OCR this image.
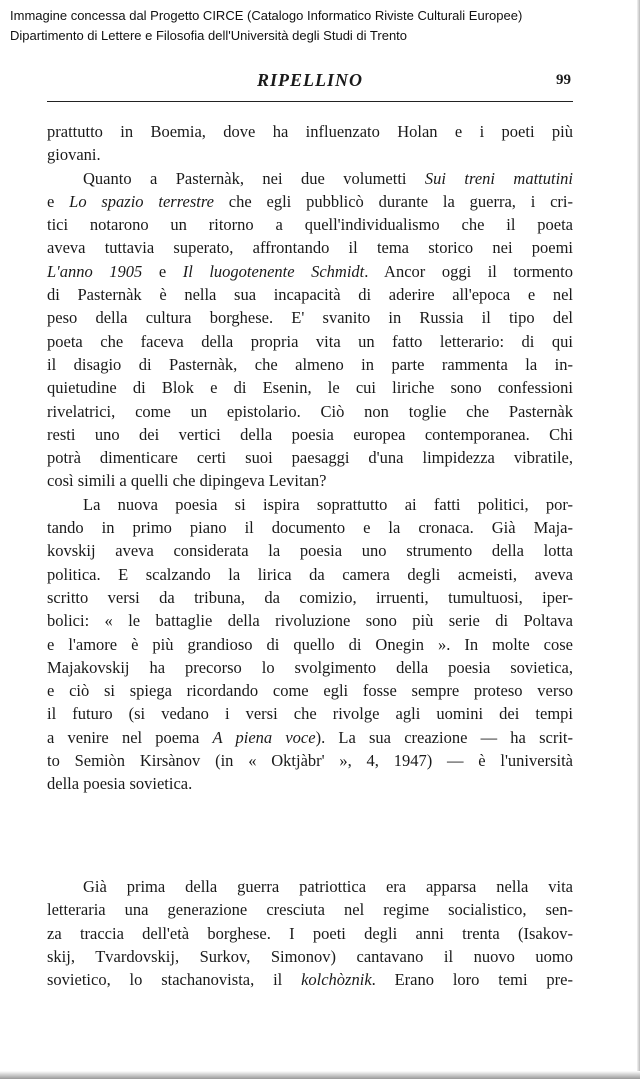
Immagine concessa dal Progetto CIRCE (Catalogo Informatico Riviste Culturali Europee)
Dipartimento di Lettere e Filosofia dell'Università degli Studi di Trento
RIPELLINO	99
prattutto in Boemia, dove ha influenzato Holan e i poeti più
giovani.
Quanto a Pasternàk, nei due volumetti Sui treni mattutini
e Lo spazio terrestre che egli pubblicò durante la guerra, i cri-
tici notarono un ritorno a quell'individualismo che il poeta
aveva tuttavia superato, affrontando il tema storico nei poemi
L'anno 1905 e Il luogotenente Schmidt. Ancor oggi il tormento
di Pasternàk è nella sua incapacità di aderire all'epoca e nel
peso della cultura borghese. E' svanito in Russia il tipo del
poeta che faceva della propria vita un fatto letterario: di qui
il disagio di Pasternàk, che almeno in parte rammenta la in-
quietudine di Blok e di Esenin, le cui liriche sono confessioni
rivelatrici, come un epistolario. Ciò non toglie che Pasternàk
resti uno dei vertici della poesia europea contemporanea. Chi
potrà dimenticare certi suoi paesaggi d'una limpidezza vibratile,
così simili a quelli che dipingeva Levitan?
La nuova poesia si ispira soprattutto ai fatti politici, por-
tando in primo piano il documento e la cronaca. Già Maja-
kovskij aveva considerata la poesia uno strumento della lotta
politica. E scalzando la lirica da camera degli acmeisti, aveva
scritto versi da tribuna, da comizio, irruenti, tumultuosi, iper-
bolici: « le battaglie della rivoluzione sono più serie di Poltava
e l'amore è più grandioso di quello di Onegin ». In molte cose
Majakovskij ha precorso lo svolgimento della poesia sovietica,
e ciò si spiega ricordando come egli fosse sempre proteso verso
il futuro (si vedano i versi che rivolge agli uomini dei tempi
a venire nel poema A piena voce). La sua creazione — ha scrit-
to Semiòn Kirsànov (in « Oktjàbr' », 4, 1947) — è l'università
della poesia sovietica.
Già prima della guerra patriottica era apparsa nella vita
letteraria una generazione cresciuta nel regime socialistico, sen-
za traccia dell'età borghese. I poeti degli anni trenta (Isakov-
skij, Tvardovskij, Surkov, Simonov) cantavano il nuovo uomo
sovietico, lo stachanovista, il kolchòznik. Erano loro temi pre-
